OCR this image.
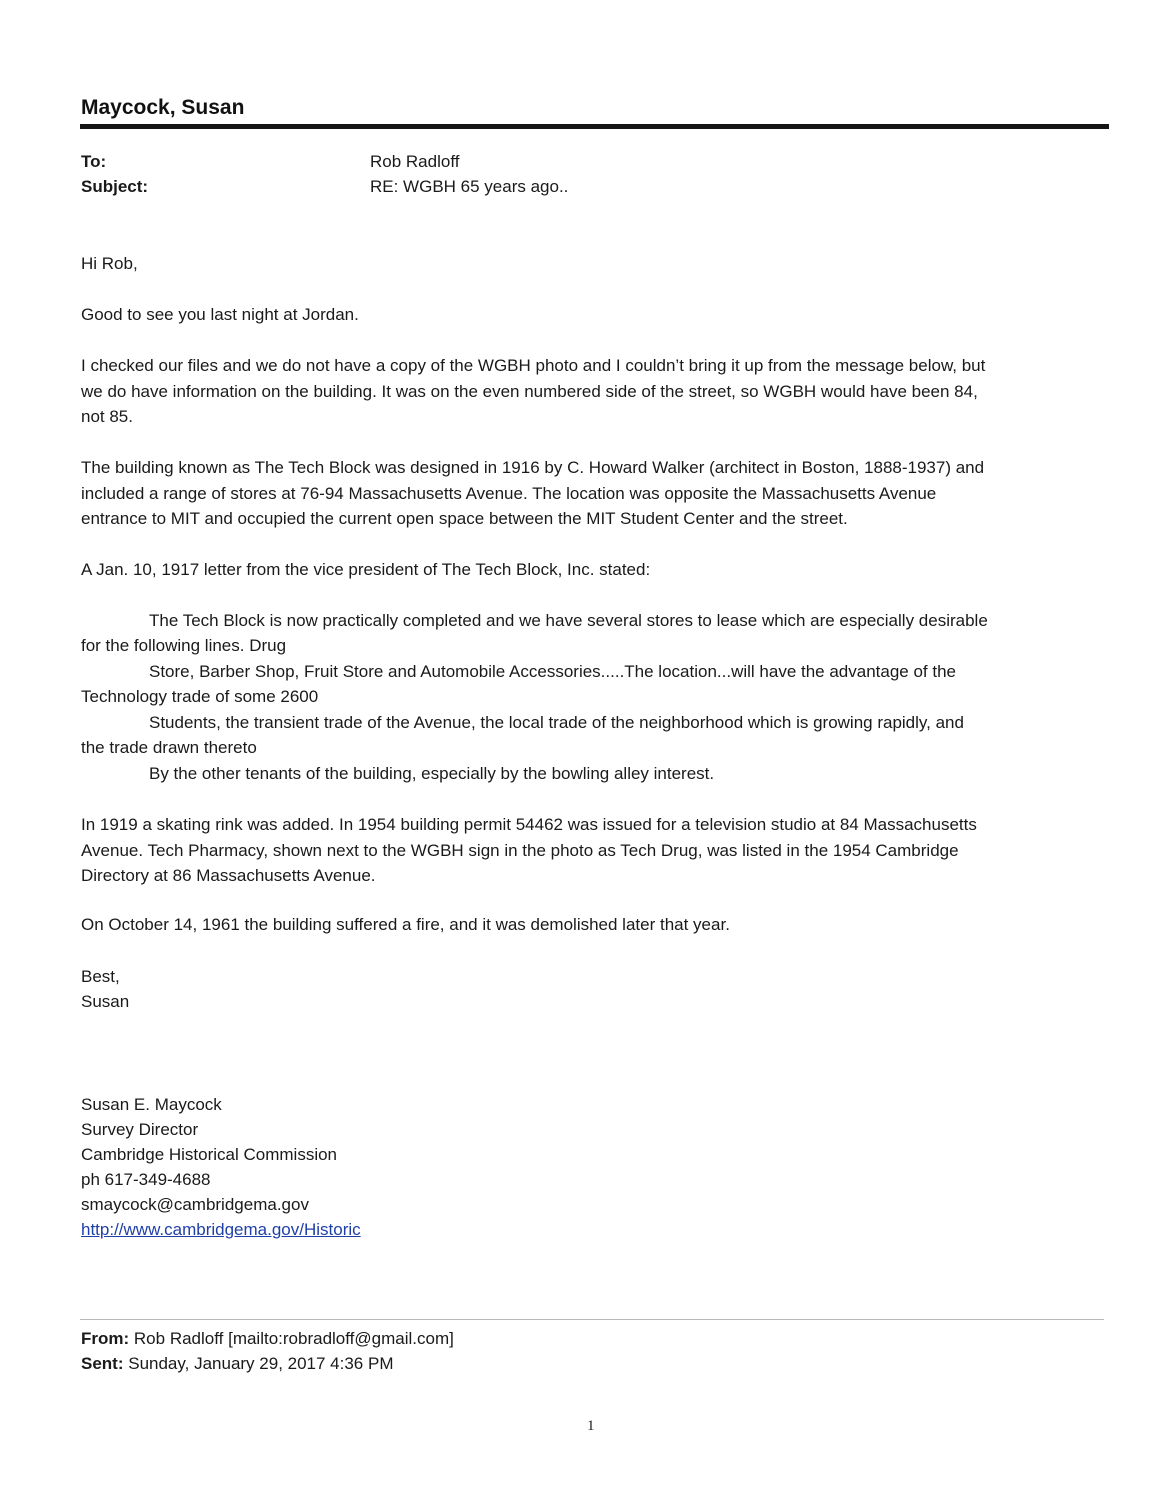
Maycock, Susan
To:	Rob Radloff
Subject:	RE: WGBH 65 years ago..
Hi Rob,
Good to see you last night at Jordan.
I checked our files and we do not have a copy of the WGBH photo and I couldn’t bring it up from the message below, but
we do have information on the building. It was on the even numbered side of the street, so WGBH would have been 84,
not 85.
The building known as The Tech Block was designed in 1916 by C. Howard Walker (architect in Boston, 1888-1937) and
included a range of stores at 76-94 Massachusetts Avenue. The location was opposite the Massachusetts Avenue
entrance to MIT and occupied the current open space between the MIT Student Center and the street.
A Jan. 10, 1917 letter from the vice president of The Tech Block, Inc. stated:
The Tech Block is now practically completed and we have several stores to lease which are especially desirable
for the following lines. Drug
Store, Barber Shop, Fruit Store and Automobile Accessories.....The location...will have the advantage of the
Technology trade of some 2600
Students, the transient trade of the Avenue, the local trade of the neighborhood which is growing rapidly, and
the trade drawn thereto
By the other tenants of the building, especially by the bowling alley interest.
In 1919 a skating rink was added. In 1954 building permit 54462 was issued for a television studio at 84 Massachusetts
Avenue. Tech Pharmacy, shown next to the WGBH sign in the photo as Tech Drug, was listed in the 1954 Cambridge
Directory at 86 Massachusetts Avenue.
On October 14, 1961 the building suffered a fire, and it was demolished later that year.
Best,
Susan
Susan E. Maycock
Survey Director
Cambridge Historical Commission
ph 617-349-4688
smaycock@cambridgema.gov
http://www.cambridgema.gov/Historic
From: Rob Radloff [mailto:robradloff@gmail.com]
Sent: Sunday, January 29, 2017 4:36 PM
1
